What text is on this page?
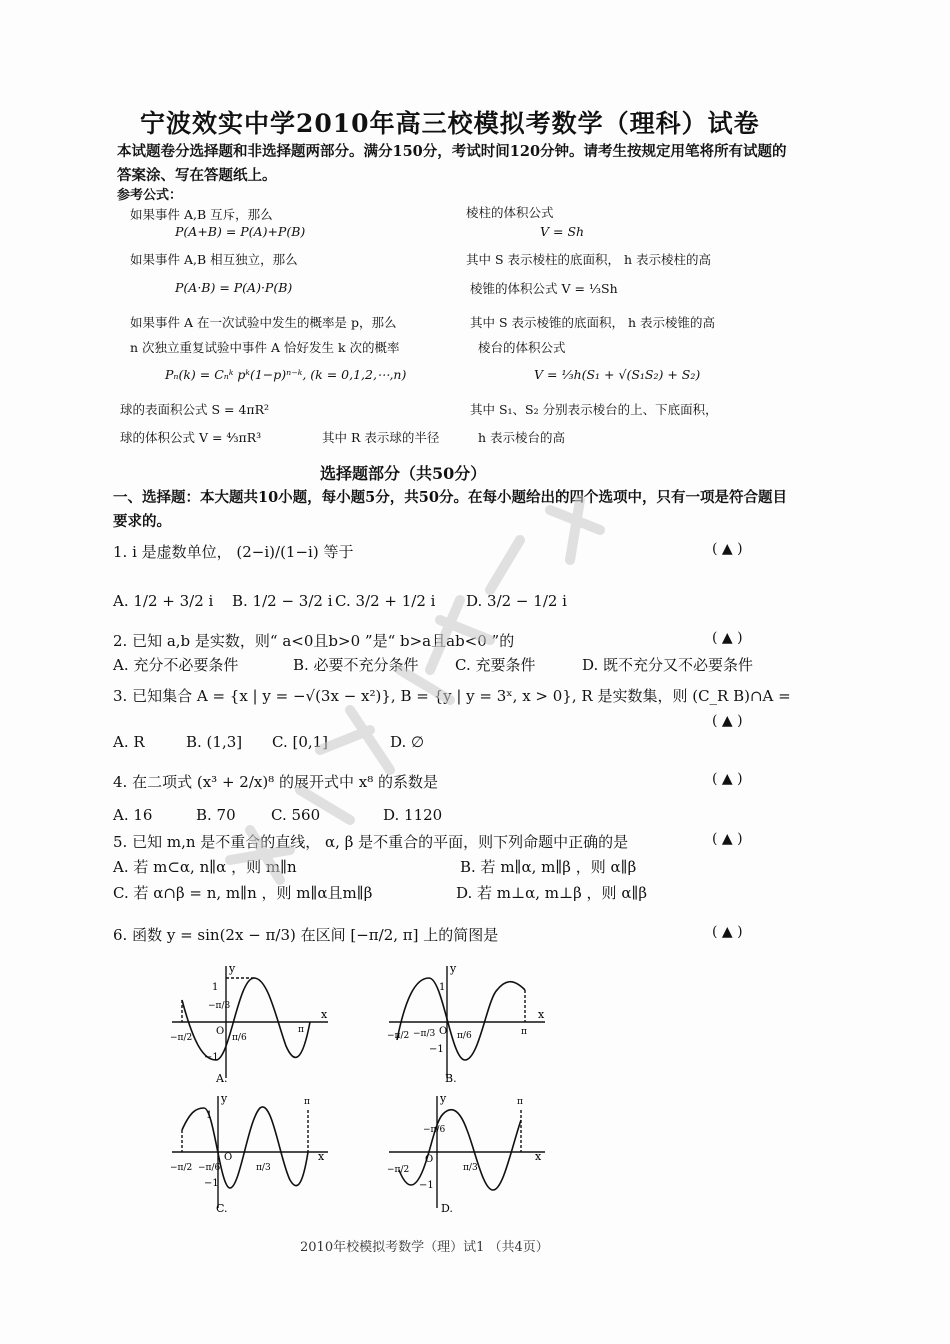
宁波效实中学2010年高三校模拟考数学（理科）试卷
本试题卷分选择题和非选择题两部分。满分150分，考试时间120分钟。请考生按规定用笔将所有试题的答案涂、写在答题纸上。
参考公式：
如果事件 A,B 互斥，那么
P(A+B) = P(A)+P(B)
如果事件 A,B 相互独立，那么
P(A·B) = P(A)·P(B)
如果事件 A 在一次试验中发生的概率是 p，那么
n 次独立重复试验中事件 A 恰好发生 k 次的概率
Pₙ(k) = Cₙᵏ pᵏ(1−p)ⁿ⁻ᵏ, (k = 0,1,2,⋯,n)
球的表面积公式 S = 4πR²
球的体积公式 V = ⁴⁄₃πR³	其中 R 表示球的半径
棱柱的体积公式
V = Sh
其中 S 表示棱柱的底面积， h 表示棱柱的高
棱锥的体积公式 V = ⅓Sh
其中 S 表示棱锥的底面积， h 表示棱锥的高
棱台的体积公式
V = ⅓h(S₁ + √(S₁S₂) + S₂)
其中 S₁、S₂ 分别表示棱台的上、下底面积，
h 表示棱台的高
选择题部分（共50分）
一、选择题：本大题共10小题，每小题5分，共50分。在每小题给出的四个选项中，只有一项是符合题目要求的。
1. i 是虚数单位， (2−i)/(1−i) 等于	( ▲ )
A. 1/2 + 3/2 i B. 1/2 − 3/2 i C. 3/2 + 1/2 i D. 3/2 − 1/2 i
2. 已知 a,b 是实数，则“ a<0且b>0 ”是“ b>a且ab<0 ”的	( ▲ )
A. 充分不必要条件	B. 必要不充分条件 C. 充要条件	D. 既不充分又不必要条件
3. 已知集合 A = {x | y = −√(3x − x²)}, B = {y | y = 3ˣ, x > 0}, R 是实数集，则 (C_R B)∩A =
( ▲ )
A. R	B. (1,3] C. [0,1]	D. ∅
4. 在二项式 (x³ + 2/x)⁸ 的展开式中 x⁸ 的系数是	( ▲ )
A. 16	B. 70 C. 560	D. 1120
5. 已知 m,n 是不重合的直线， α, β 是不重合的平面，则下列命题中正确的是	( ▲ )
A. 若 m⊂α, n∥α ，则 m∥n	B. 若 m∥α, m∥β ，则 α∥β
C. 若 α∩β = n, m∥n ，则 m∥α且m∥β	D. 若 m⊥α, m⊥β ，则 α∥β
6. 函数 y = sin(2x − π/3) 在区间 [−π/2, π] 上的简图是	( ▲ )
y
x
1
−π/3
O
−π/2	π/6
π
−1
A.
y
x
1
−π/3 O
−π/2	π/6	π
−1
B.
y
x
1
π
O
−π/2 −π/6	π/3
−1
C.
y
x
−π/6
O
π
−π/2	π/3
−1
D.
2010年校模拟考数学（理）试1 （共4页）
